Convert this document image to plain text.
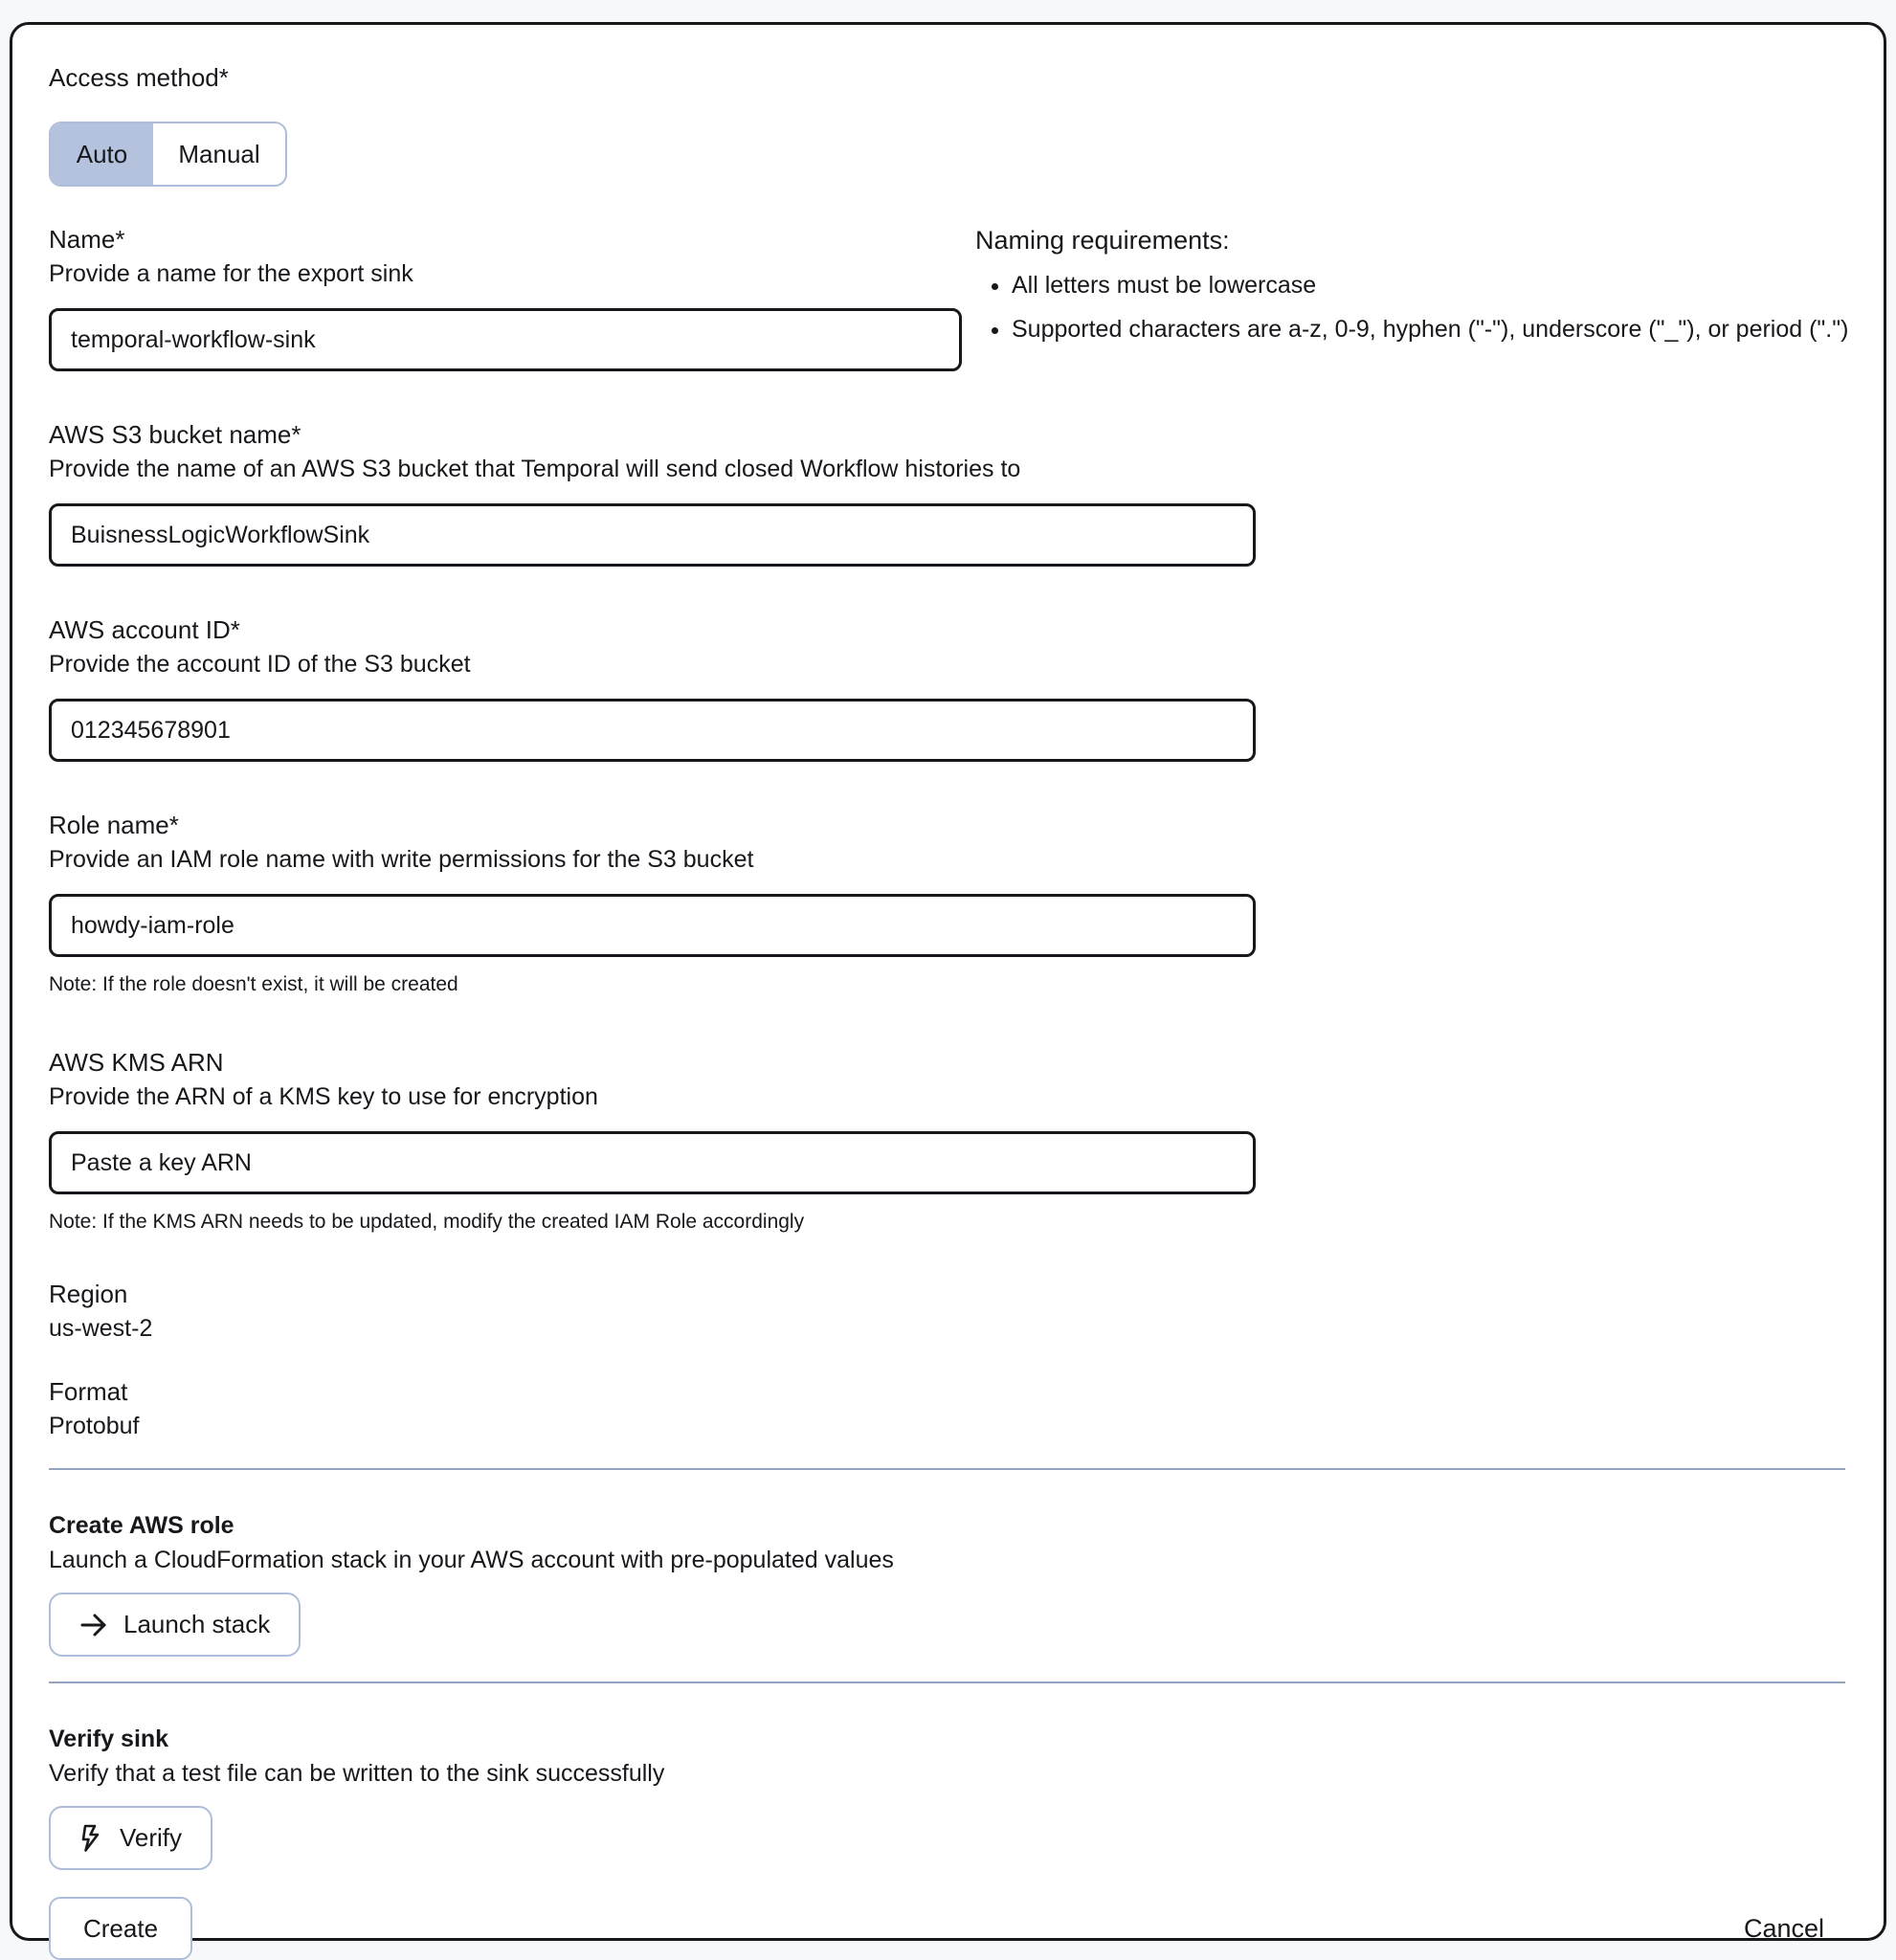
Access method*
Auto Manual
Name*
Provide a name for the export sink
temporal-workflow-sink
Naming requirements:
• All letters must be lowercase
• Supported characters are a-z, 0-9, hyphen ("-"), underscore ("_"), or period (".")
AWS S3 bucket name*
Provide the name of an AWS S3 bucket that Temporal will send closed Workflow histories to
BuisnessLogicWorkflowSink
AWS account ID*
Provide the account ID of the S3 bucket
012345678901
Role name*
Provide an IAM role name with write permissions for the S3 bucket
howdy-iam-role
Note: If the role doesn't exist, it will be created
AWS KMS ARN
Provide the ARN of a KMS key to use for encryption
Paste a key ARN
Note: If the KMS ARN needs to be updated, modify the created IAM Role accordingly
Region
us-west-2
Format
Protobuf
Create AWS role
Launch a CloudFormation stack in your AWS account with pre-populated values
Launch stack
Verify sink
Verify that a test file can be written to the sink successfully
Verify
Create	Cancel
